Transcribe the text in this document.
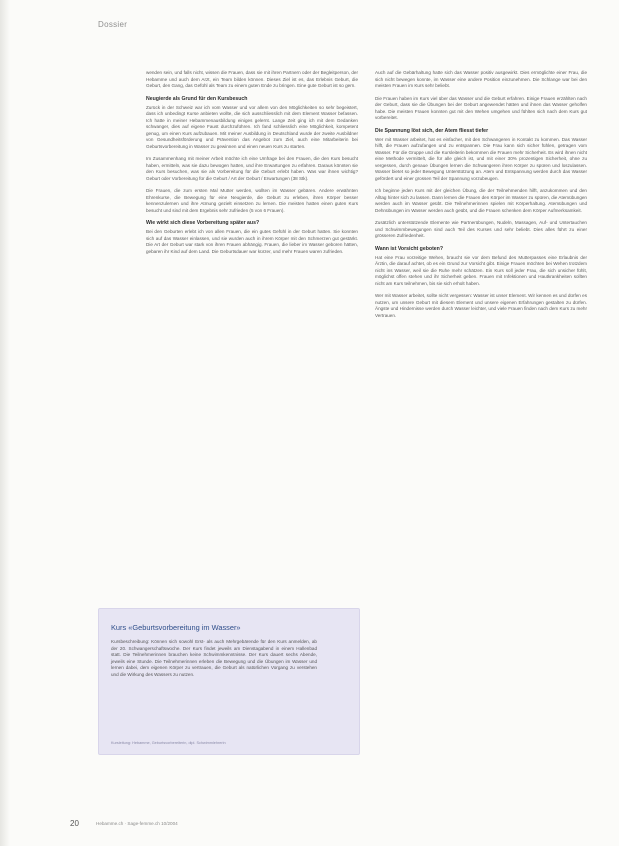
Dossier

wenden sein, und falls nicht, wissen die Frauen, dass sie mit ihren Partnern oder der Begleitperson, der Hebamme und auch dem Arzt, ein Team bilden können. Dieses Ziel ist es, das Erlebnis Geburt, die Geburt, den Gang, das Gefühl als Team zu einem guten Ende zu bringen. Eine gute Geburt ist so gern.

Neugierde als Grund für den Kursbesuch

Zurück in der Schweiz war ich vom Wasser und vor allem von den Möglichkeiten so sehr begeistert, dass ich unbedingt Kurse anbieten wollte, die sich ausschliesslich mit dem Element Wasser befassen. Ich hatte in meiner Hebammenausbildung einiges gelernt. Lange Zeit ging ich mit dem Gedanken schwanger, dies auf eigene Faust durchzuführen. Ich fand schliesslich eine Möglichkeit, kompetent genug, um einen Kurs aufzubauen. Mit meiner Ausbildung in Deutschland wurde der zweite Ausbildner von Gesundheitsförderung und Prävention das Angebot zum Ziel, auch eine Mitarbeiterin bei Geburtsvorbereitung in Wasser zu gewinnen und einen neuen Kurs zu starten.

Im Zusammenhang mit meiner Arbeit möchte ich eine Umfrage bei den Frauen, die den Kurs besucht haben, ermitteln, was sie dazu bewogen hatten, und ihre Erwartungen zu erfahren. Daraus könnten sie den Kurs besuchen, was sie als Vorbereitung für die Geburt erlebt haben. Was war ihnen wichtig? Geburt oder Vorbereitung für die Geburt / Art der Geburt / Erwartungen (38 Stk).

Die Frauen, die zum ersten Mal Mutter werden, wollten im Wasser gebären. Andere erwähnten Ehrenkurse, die Bewegung für eine Neugierde, die Geburt zu erleben, ihren Körper besser kennenzulernen und ihre Atmung gezielt einsetzen zu lernen. Die meisten hatten einen guten Kurs besucht und sind mit dem Ergebnis sehr zufrieden (5 von 6 Frauen).

Wie wirkt sich diese Vorbereitung später aus?

Bei den Geburten erlebt ich von allen Frauen, die ein gutes Gefühl in der Geburt hatten. Sie konnten sich auf das Wasser einlassen, und sie wurden auch in ihrem Körper mit den Schmerzen gut gestärkt. Die Art der Geburt war stark von ihren Frauen abhängig. Frauen, die lieber im Wasser geboren hätten, gebaren ihr Kind auf dem Land. Die Geburtsdauer war kürzer, und mehr Frauen waren zufrieden.

Auch auf die Gebärhaltung hatte sich das Wasser positiv ausgewirkt. Dies ermöglichte einer Frau, die sich nicht bewegen konnte, im Wasser eine andere Position einzunehmen. Die Schlange war bei den meisten Frauen im Kurs sehr beliebt.

Die Frauen haben im Kurs viel über das Wasser und die Geburt erfahren. Einige Frauen erzählten nach der Geburt, dass sie die Übungen bei der Geburt angewendet hätten und ihnen das Wasser geholfen habe. Die meisten Frauen konnten gut mit den Wehen umgehen und fühlten sich nach dem Kurs gut vorbereitet.

Die Spannung löst sich, der Atem fliesst tiefer

Wer mit Wasser arbeitet, hat es einfacher, mit den Schwangeren in Kontakt zu kommen. Das Wasser hilft, die Frauen aufzufangen und zu entspannen. Die Frau kann sich sicher fühlen, getragen vom Wasser. Für die Gruppe und die Kursleiterin bekommen die Frauen mehr Sicherheit. Es wird ihnen nicht eine Methode vermittelt, die für alle gleich ist, und mit einer 30% prozentigen Sicherheit, ohne zu vergessen, durch genaue Übungen lernen die Schwangeren ihren Körper zu spüren und loszulassen. Wasser bietet so jeder Bewegung Unterstützung an. Atem und Entspannung werden durch das Wasser gefördert und einer grossen Teil der Spannung vorzubeugen.

Ich beginne jeden Kurs mit der gleichen Übung, die der Teilnehmenden hilft, anzukommen und den Alltag hinter sich zu lassen. Dann lernen die Frauen den Körper im Wasser zu spüren, die Atemübungen werden auch im Wasser geübt. Die Teilnehmerinnen spielen mit Körperhaltung. Atemübungen und Dehnübungen im Wasser werden auch geübt, und die Frauen schenken dem Körper Aufmerksamkeit.

Zusätzlich unterstützende Elemente wie Partnerübungen, Nudeln, Massagen, Auf- und Untertauchen und Schwimmbewegungen sind auch Teil des Kurses und sehr beliebt. Dies alles führt zu einer grösseren Zufriedenheit.

Wann ist Vorsicht geboten?

Hat eine Frau vorzeitige Wehen, braucht sie vor dem Befund des Mutterpasses eine Erlaubnis der Ärztin, die darauf achtet, ob es ein Grund zur Vorsicht gibt. Einige Frauen möchten bei Wehen trotzdem nicht ins Wasser, weil sie die Ruhe mehr schätzen. Ein Kurs soll jeder Frau, die sich unsicher fühlt, möglichst offen stehen und ihr Sicherheit geben. Frauen mit Infektionen und Hautkrankheiten sollten nicht am Kurs teilnehmen, bis sie sich erholt haben.

Wer mit Wasser arbeitet, sollte nicht vergessen: Wasser ist unser Element. Wir kennen es und dürfen es nutzen, um unsere Geburt mit diesem Element und unsere eigenen Erfahrungen gestalten zu dürfen. Ängste und Hindernisse werden durch Wasser leichter, und viele Frauen finden nach dem Kurs zu mehr Vertrauen.

Kurs «Geburtsvorbereitung im Wasser»
Kursbeschreibung: Können sich sowohl Erst- als auch Mehrgebärende für den Kurs anmelden, ab der 20. Schwangerschaftswoche. Der Kurs findet jeweils am Dienstagabend in einem Hallenbad statt. Die Teilnehmerinnen brauchen keine Schwimmkenntnisse. Der Kurs dauert sechs Abende, jeweils eine Stunde. Die Teilnehmerinnen erleben die Bewegung und die Übungen im Wasser und lernen dabei, dem eigenen Körper zu vertrauen, die Geburt als natürlichen Vorgang zu verstehen und die Wirkung des Wassers zu nutzen.
Kursleitung: Hebamme, Geburtsvorbereiterin, dipl. Schwimmlehrerin
20	Hebamme.ch · Sage-femme.ch 10/2004
